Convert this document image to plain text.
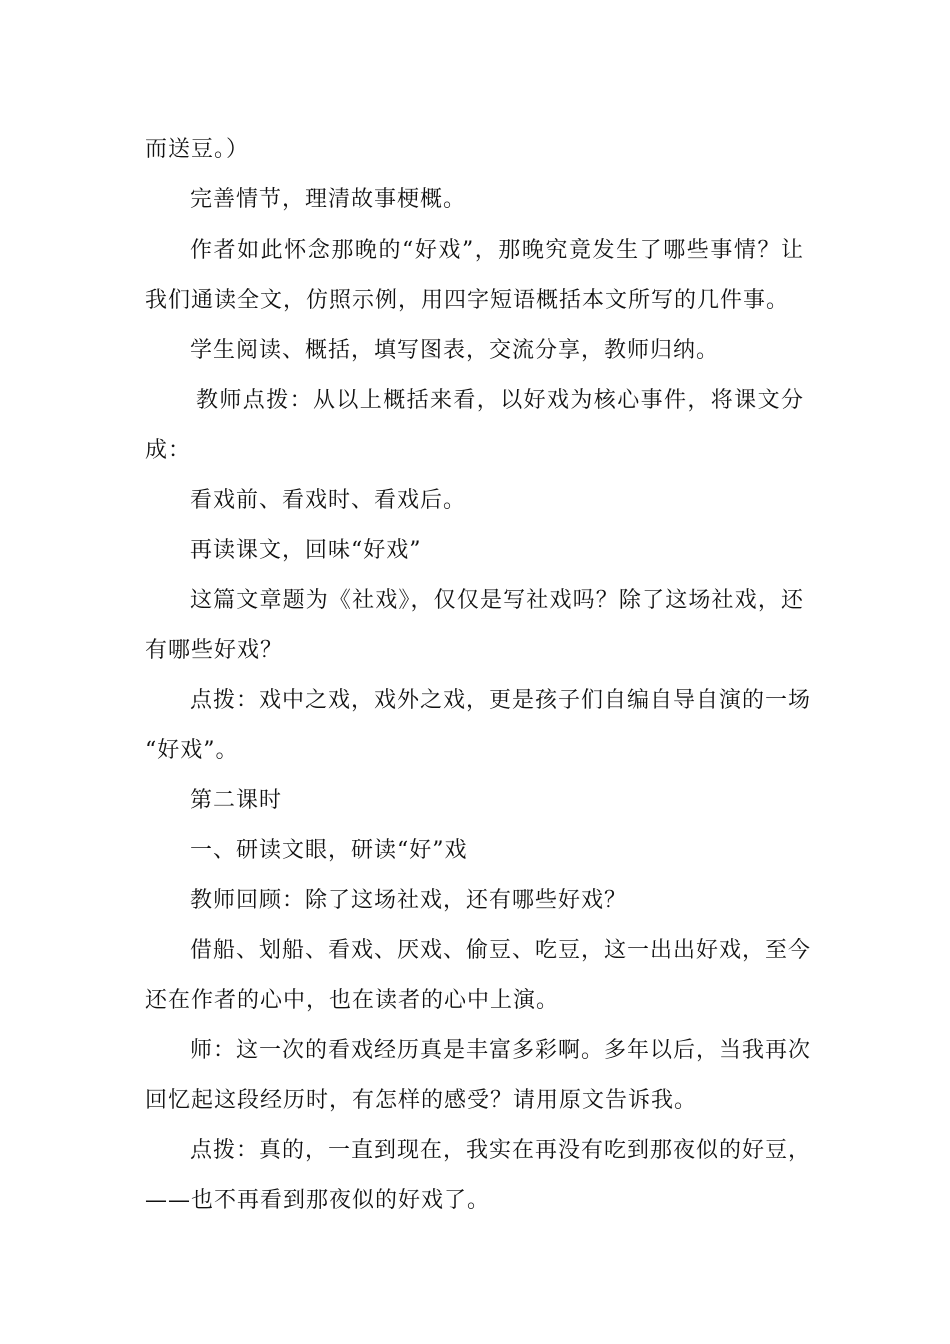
而送豆。）
完善情节，理清故事梗概。
作者如此怀念那晚的“好戏”，那晚究竟发生了哪些事情？让
我们通读全文，仿照示例，用四字短语概括本文所写的几件事。
学生阅读、概括，填写图表，交流分享，教师归纳。
教师点拨：从以上概括来看，以好戏为核心事件，将课文分
成：
看戏前、看戏时、看戏后。
再读课文，回味“好戏”
这篇文章题为《社戏》，仅仅是写社戏吗？除了这场社戏，还
有哪些好戏？
点拨：戏中之戏，戏外之戏，更是孩子们自编自导自演的一场
“好戏”。
第二课时
一、研读文眼，研读“好”戏
教师回顾：除了这场社戏，还有哪些好戏？
借船、划船、看戏、厌戏、偷豆、吃豆，这一出出好戏，至今
还在作者的心中，也在读者的心中上演。
师：这一次的看戏经历真是丰富多彩啊。多年以后，当我再次
回忆起这段经历时，有怎样的感受？请用原文告诉我。
点拨：真的，一直到现在，我实在再没有吃到那夜似的好豆，
——也不再看到那夜似的好戏了。
